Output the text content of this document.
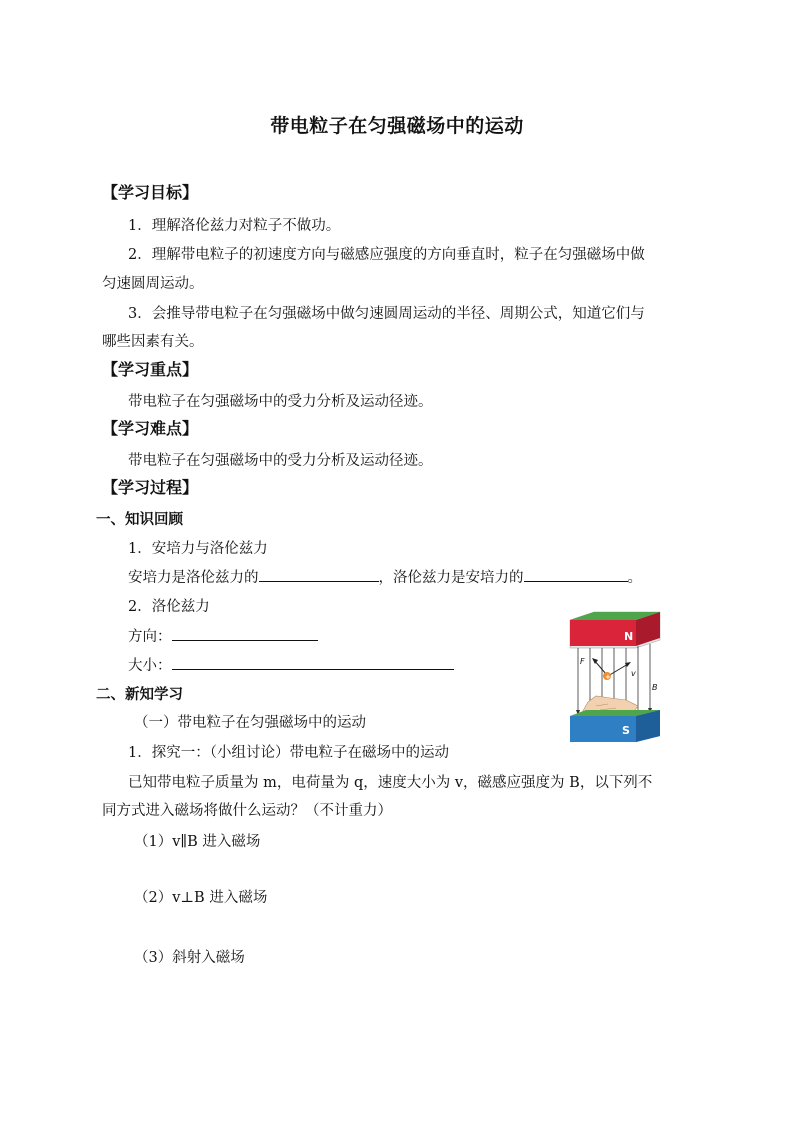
带电粒子在匀强磁场中的运动
【学习目标】
1．理解洛伦兹力对粒子不做功。
2．理解带电粒子的初速度方向与磁感应强度的方向垂直时，粒子在匀强磁场中做
匀速圆周运动。
3．会推导带电粒子在匀强磁场中做匀速圆周运动的半径、周期公式，知道它们与
哪些因素有关。
【学习重点】
带电粒子在匀强磁场中的受力分析及运动径迹。
【学习难点】
带电粒子在匀强磁场中的受力分析及运动径迹。
【学习过程】
一、知识回顾
1．安培力与洛伦兹力
安培力是洛伦兹力的	，洛伦兹力是安培力的	。
2．洛伦兹力
方向：
大小：
二、新知学习
（一）带电粒子在匀强磁场中的运动
1．探究一：（小组讨论）带电粒子在磁场中的运动
已知带电粒子质量为 m，电荷量为 q，速度大小为 v，磁感应强度为 B，以下列不
同方式进入磁场将做什么运动？（不计重力）
（1）v∥B 进入磁场
（2）v⊥B 进入磁场
（3）斜射入磁场
N
+
F
v
B
S
